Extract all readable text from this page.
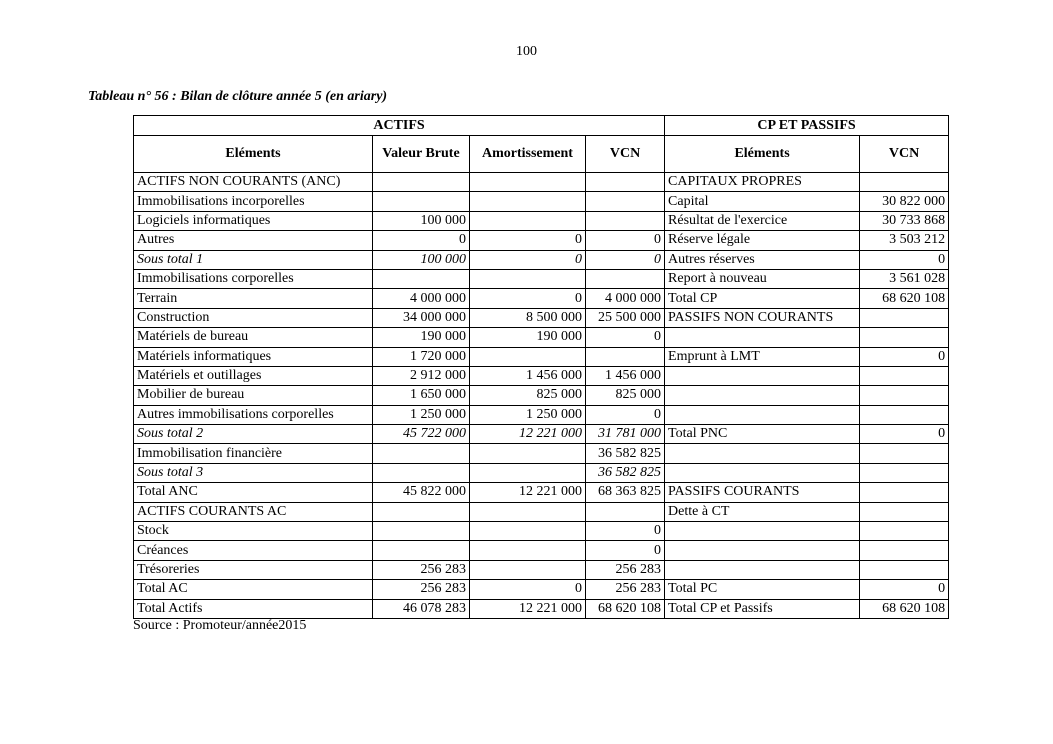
100
Tableau n° 56 : Bilan de clôture année 5 (en ariary)
ACTIFS				CP ET PASSIFS	
Eléments	Valeur Brute	Amortissement	VCN	Eléments	VCN
ACTIFS NON COURANTS (ANC)				CAPITAUX PROPRES	
Immobilisations incorporelles				Capital	30 822 000
Logiciels informatiques	100 000			Résultat de l'exercice	30 733 868
Autres	0	0	0	Réserve légale	3 503 212
Sous total 1	100 000	0	0	Autres réserves	0
Immobilisations corporelles				Report à nouveau	3 561 028
Terrain	4 000 000	0	4 000 000	Total CP	68 620 108
Construction	34 000 000	8 500 000	25 500 000	PASSIFS NON COURANTS	
Matériels de bureau	190 000	190 000	0		
Matériels informatiques	1 720 000			Emprunt à LMT	0
Matériels et outillages	2 912 000	1 456 000	1 456 000		
Mobilier de bureau	1 650 000	825 000	825 000		
Autres immobilisations corporelles	1 250 000	1 250 000	0		
Sous total 2	45 722 000	12 221 000	31 781 000	Total PNC	0
Immobilisation financière			36 582 825		
Sous total 3			36 582 825		
Total ANC	45 822 000	12 221 000	68 363 825	PASSIFS COURANTS	
ACTIFS COURANTS AC				Dette à CT	
Stock			0		
Créances			0		
Trésoreries	256 283		256 283		
Total AC	256 283	0	256 283	Total PC	0
Total Actifs	46 078 283	12 221 000	68 620 108	Total CP et Passifs	68 620 108
Source : Promoteur/année2015
